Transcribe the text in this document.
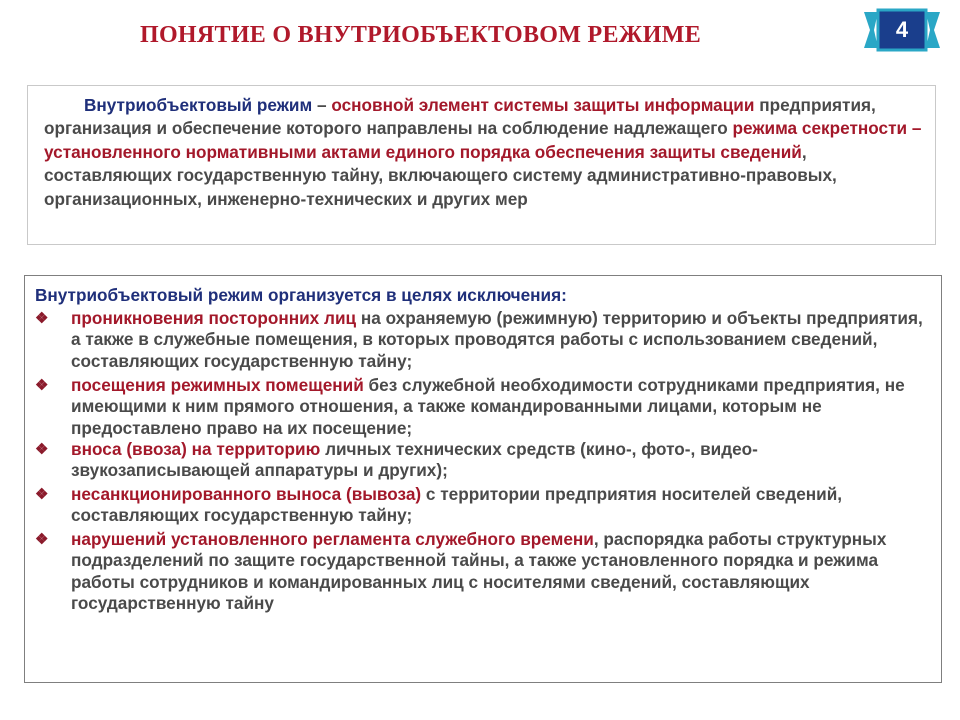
ПОНЯТИЕ О ВНУТРИОБЪЕКТОВОМ РЕЖИМЕ	4
Внутриобъектовый режим – основной элемент системы защиты информации предприятия, организация и обеспечение которого направлены на соблюдение надлежащего режима секретности – установленного нормативными актами единого порядка обеспечения защиты сведений, составляющих государственную тайну, включающего систему административно-правовых, организационных, инженерно-технических и других мер
Внутриобъектовый режим организуется в целях исключения:
❖	проникновения посторонних лиц на охраняемую (режимную) территорию и объекты предприятия, а также в служебные помещения, в которых проводятся работы с использованием сведений, составляющих государственную тайну;
❖	посещения режимных помещений без служебной необходимости сотрудниками предприятия, не имеющими к ним прямого отношения, а также командированными лицами, которым не предоставлено право на их посещение;
❖	вноса (ввоза) на территорию личных технических средств (кино-, фото-, видео-звукозаписывающей аппаратуры и других);
❖	несанкционированного выноса (вывоза) с территории предприятия носителей сведений, составляющих государственную тайну;
❖	нарушений установленного регламента служебного времени, распорядка работы структурных подразделений по защите государственной тайны, а также установленного порядка и режима работы сотрудников и командированных лиц с носителями сведений, составляющих государственную тайну
